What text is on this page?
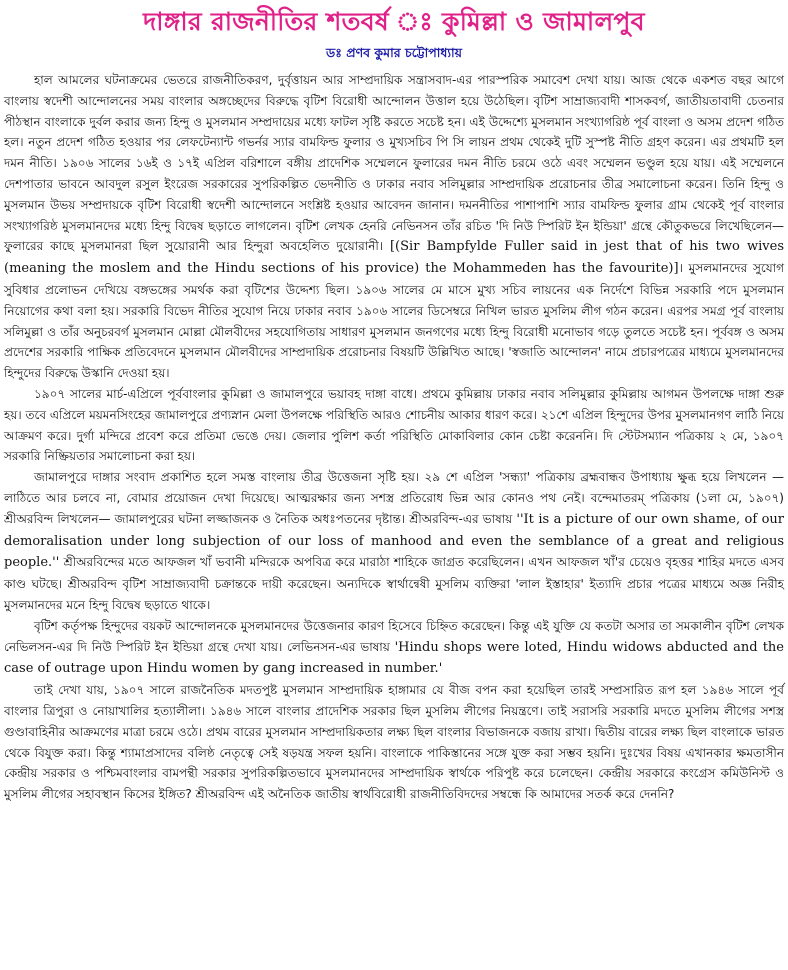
দাঙ্গার রাজনীতির শতবর্ষ ঃ কুমিল্লা ও জামালপুব
ডঃ প্রণব কুমার চট্টোপাধ্যায়

হাল আমলের ঘটনাক্রমের ভেতরে রাজনীতিকরণ, দুর্বৃত্তায়ন আর সাম্প্রদায়িক সন্ত্রাসবাদ-এর পারস্পরিক সমাবেশ দেখা যায়। আজ থেকে একশত বছর আগে বাংলায় স্বদেশী আন্দোলনের সময় বাংলার অঙ্গচ্ছেদের বিরুদ্ধে বৃটিশ বিরোধী আন্দোলন উত্তাল হয়ে উঠেছিল। বৃটিশ সাম্রাজ্যবাদী শাসকবর্গ, জাতীয়তাবাদী চেতনার পীঠস্থান বাংলাকে দুর্বল করার জন্য হিন্দু ও মুসলমান সম্প্রদায়ের মধ্যে ফাটল সৃষ্টি করতে সচেষ্ট হন। এই উদ্দেশ্যে মুসলমান সংখ্যাগরিষ্ঠ পূর্ব বাংলা ও অসম প্রদেশ গঠিত হল। নতুন প্রদেশ গঠিত হওয়ার পর লেফটেন্যান্ট গভর্নর স্যার বামফিল্ড ফুলার ও মুখ্যসচিব পি সি লায়ন প্রথম থেকেই দুটি সুস্পষ্ট নীতি গ্রহণ করেন। এর প্রথমটি হল দমন নীতি। ১৯০৬ সালের ১৬ই ও ১৭ই এপ্রিল বরিশালে বঙ্গীয় প্রাদেশিক সম্মেলনে ফুলারের দমন নীতি চরমে ওঠে এবং সম্মেলন ভণ্ডুল হয়ে যায়। এই সম্মেলনে দেশপাতার ভাবনে আবদুল রসুল ইংরেজ সরকারের সুপরিকল্পিত ভেদনীতি ও ঢাকার নবাব সলিমুল্লার সাম্প্রদায়িক প্ররোচনার তীব্র সমালোচনা করেন। তিনি হিন্দু ও মুসলমান উভয় সম্প্রদায়কে বৃটিশ বিরোধী স্বদেশী আন্দোলনে সংশ্লিষ্ট হওয়ার আবেদন জানান। দমননীতির পাশাপাশি স্যার বামফিল্ড ফুলার গ্রাম থেকেই পূর্ব বাংলার সংখ্যাগরিষ্ঠ মুসলমানদের মধ্যে হিন্দু বিদ্বেষ ছড়াতে লাগলেন। বৃটিশ লেখক হেনরি নেভিনসন তাঁর রচিত 'দি নিউ স্পিরিট ইন ইন্ডিয়া' গ্রন্থে কৌতুকভরে লিখেছিলেন— ফুলারের কাছে মুসলমানরা ছিল সুয়োরানী আর হিন্দুরা অবহেলিত দুয়োরানী। [(Sir Bampfylde Fuller said in jest that of his two wives (meaning the moslem and the Hindu sections of his provice) the Mohammeden has the favourite)]। মুসলমানদের সুযোগ সুবিধার প্রলোভন দেখিয়ে বঙ্গভঙ্গের সমর্থক করা বৃটিশের উদ্দেশ্য ছিল। ১৯০৬ সালের মে মাসে মুখ্য সচিব লায়নের এক নির্দেশে বিভিন্ন সরকারি পদে মুসলমান নিয়োগের কথা বলা হয়। সরকারি বিভেদ নীতির সুযোগ নিয়ে ঢাকার নবাব ১৯০৬ সালের ডিসেম্বরে নিখিল ভারত মুসলিম লীগ গঠন করেন। এরপর সমগ্র পূর্ব বাংলায় সলিমুল্লা ও তাঁর অনুচরবর্গ মুসলমান মোল্লা মৌলবীদের সহযোগিতায় সাধারণ মুসলমান জনগণের মধ্যে হিন্দু বিরোধী মনোভাব গড়ে তুলতে সচেষ্ট হন। পূর্ববঙ্গ ও অসম প্রদেশের সরকারি পাক্ষিক প্রতিবেদনে মুসলমান মৌলবীদের সাম্প্রদায়িক প্ররোচনার বিষয়টি উল্লিখিত আছে। 'স্বজাতি আন্দোলন' নামে প্রচারপত্রের মাধ্যমে মুসলমানদের হিন্দুদের বিরুদ্ধে উস্কানি দেওয়া হয়।

১৯০৭ সালের মার্চ-এপ্রিলে পূর্ববাংলার কুমিল্লা ও জামালপুরে ভয়াবহ দাঙ্গা বাধে। প্রথমে কুমিল্লায় ঢাকার নবাব সলিমুল্লার কুমিল্লায় আগমন উপলক্ষে দাঙ্গা শুরু হয়। তবে এপ্রিলে ময়মনসিংহের জামালপুরে প্রণ্যস্নান মেলা উপলক্ষে পরিস্থিতি আরও শোচনীয় আকার ধারণ করে। ২১শে এপ্রিল হিন্দুদের উপর মুসলমানগণ লাঠি নিয়ে আক্রমণ করে। দুর্গা মন্দিরে প্রবেশ করে প্রতিমা ভেঙে দেয়। জেলার পুলিশ কর্তা পরিস্থিতি মোকাবিলার কোন চেষ্টা করেননি। দি স্টেটসম্যান পত্রিকায় ২ মে, ১৯০৭ সরকারি নিষ্ক্রিয়তার সমালোচনা করা হয়।

জামালপুরে দাঙ্গার সংবাদ প্রকাশিত হলে সমস্ত বাংলায় তীব্র উত্তেজনা সৃষ্টি হয়। ২৯ শে এপ্রিল 'সন্ধ্যা' পত্রিকায় ব্রহ্মবান্ধব উপাধ্যায় ক্ষুব্ধ হয়ে লিখলেন —লাঠিতে আর চলবে না, বোমার প্রয়োজন দেখা দিয়েছে। আত্মরক্ষার জন্য সশস্ত্র প্রতিরোধ ভিন্ন আর কোনও পথ নেই। বন্দেমাতরম্ পত্রিকায় (১লা মে, ১৯০৭) শ্রীঅরবিন্দ লিখলেন— জামালপুরের ঘটনা লজ্জাজনক ও নৈতিক অধঃপতনের দৃষ্টান্ত। শ্রীঅরবিন্দ-এর ভাষায় ''It is a picture of our own shame, of our demoralisation under long subjection of our loss of manhood and even the semblance of a great and religious people.'' শ্রীঅরবিন্দের মতে আফজল খাঁ ভবানী মন্দিরকে অপবিত্র করে মারাঠা শাহিকে জাগ্রত করেছিলেন। এখন আফজল খাঁ'র চেয়েও বৃহত্তর শাহির মদতে এসব কাণ্ড ঘটছে। শ্রীঅরবিন্দ বৃটিশ সাম্রাজ্যবাদী চক্রান্তকে দায়ী করেছেন। অন্যদিকে স্বার্থান্বেষী মুসলিম ব্যক্তিরা 'লাল ইস্তাহার' ইত্যাদি প্রচার পত্রের মাধ্যমে অজ্ঞ নিরীহ মুসলমানদের মনে হিন্দু বিদ্বেষ ছড়াতে থাকে।

বৃটিশ কর্তৃপক্ষ হিন্দুদের বয়কট আন্দোলনকে মুসলমানদের উত্তেজনার কারণ হিসেবে চিহ্নিত করেছেন। কিন্তু এই যুক্তি যে কতটা অসার তা সমকালীন বৃটিশ লেখক নেভিলসন-এর দি নিউ স্পিরিট ইন ইন্ডিয়া গ্রন্থে দেখা যায়। লেভিনসন-এর ভাষায় 'Hindu shops were loted, Hindu widows abducted and the case of outrage upon Hindu women by gang increased in number.'

তাই দেখা যায়, ১৯০৭ সালে রাজনৈতিক মদতপুষ্ট মুসলমান সাম্প্রদায়িক হাঙ্গামার যে বীজ বপন করা হয়েছিল তারই সম্প্রসারিত রূপ হল ১৯৪৬ সালে পূর্ব বাংলার ত্রিপুরা ও নোয়াখালির হত্যালীলা। ১৯৪৬ সালে বাংলার প্রাদেশিক সরকার ছিল মুসলিম লীগের নিয়ন্ত্রণে। তাই সরাসরি সরকারি মদতে মুসলিম লীগের সশস্ত্র গুণ্ডাবাহিনীর আক্রমণের মাত্রা চরমে ওঠে। প্রথম বারের মুসলমান সাম্প্রদায়িকতার লক্ষ্য ছিল বাংলার বিভাজনকে বজায় রাখা। দ্বিতীয় বারের লক্ষ্য ছিল বাংলাকে ভারত থেকে বিযুক্ত করা। কিন্তু শ্যামাপ্রসাদের বলিষ্ঠ নেতৃত্বে সেই ষড়যন্ত্র সফল হয়নি। বাংলাকে পাকিস্তানের সঙ্গে যুক্ত করা সম্ভব হয়নি। দুঃখের বিষয় এখানকার ক্ষমতাসীন কেন্দ্রীয় সরকার ও পশ্চিমবাংলার বামপন্থী সরকার সুপরিকল্পিতভাবে মুসলমানদের সাম্প্রদায়িক স্বার্থকে পরিপুষ্ট করে চলেছেন। কেন্দ্রীয় সরকারে কংগ্রেস কমিউনিস্ট ও মুসলিম লীগের সহাবস্থান কিসের ইঙ্গিত? শ্রীঅরবিন্দ এই অনৈতিক জাতীয় স্বার্থবিরোধী রাজনীতিবিদদের সম্বন্ধে কি আমাদের সতর্ক করে দেননি?
